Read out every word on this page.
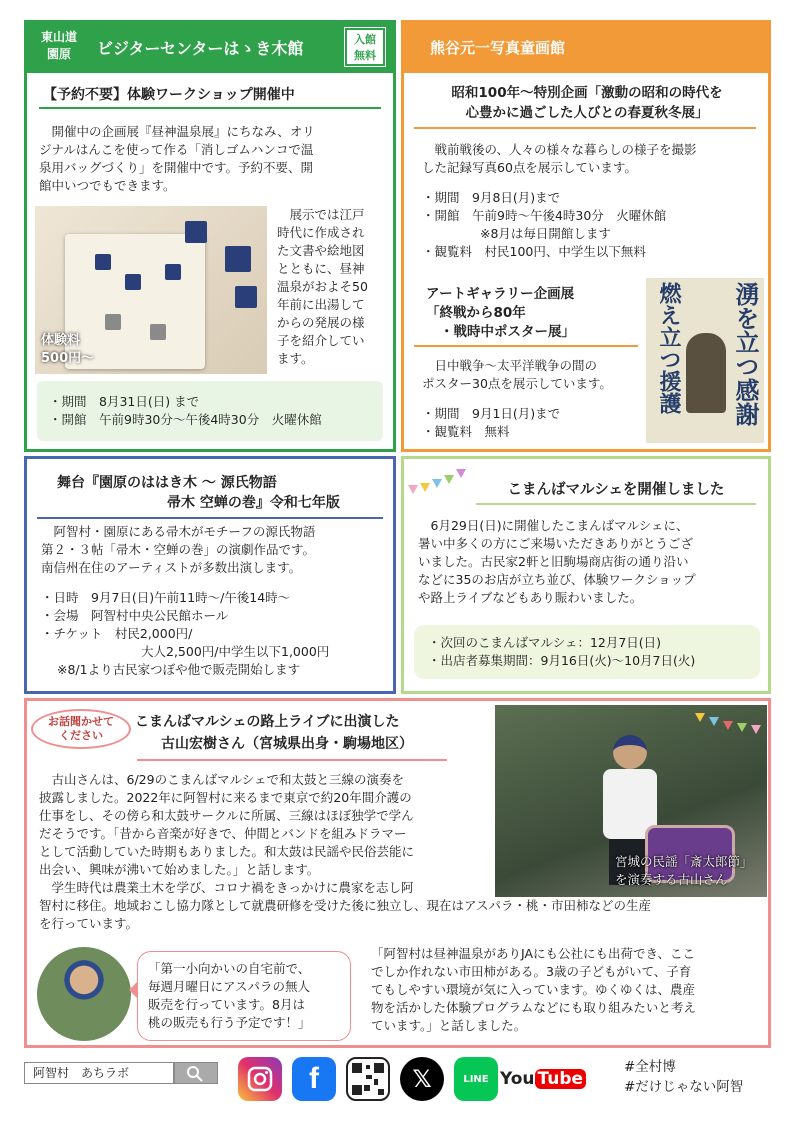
東山道
園原	ビジターセンターはゝき木館	入館
無料
【予約不要】体験ワークショップ開催中
開催中の企画展『昼神温泉展』にちなみ、オリ
ジナルはんこを使って作る「消しゴムハンコで温
泉用バッグづくり」を開催中です。予約不要、開
館中いつでもできます。
体験料
500円〜
展示では江戸
時代に作成され
た文書や絵地図
とともに、昼神
温泉がおよそ50
年前に出湯して
からの発展の様
子を紹介してい
ます。
・期間　8月31日(日) まで
・開館　午前9時30分〜午後4時30分　火曜休館
熊谷元一写真童画館
昭和100年〜特別企画「激動の昭和の時代を
心豊かに過ごした人びとの春夏秋冬展」
戦前戦後の、人々の様々な暮らしの様子を撮影
した記録写真60点を展示しています。
・期間　9月8日(月)まで
・開館　午前9時〜午後4時30分　火曜休館
※8月は毎日開館します
・観覧料　村民100円、中学生以下無料
アートギャラリー企画展
「終戦から80年
・戦時中ポスター展」
日中戦争〜太平洋戦争の間の
ポスター30点を展示しています。
・期間　9月1日(月)まで
・観覧料　無料
湧を立つ感謝
燃え立つ援護
舞台『園原のははき木 〜 源氏物語
帚木 空蝉の巻』令和七年版
阿智村・園原にある帚木がモチーフの源氏物語
第２・３帖「帚木・空蝉の巻」の演劇作品です。
南信州在住のアーティストが多数出演します。
・日時　9月7日(日)午前11時〜/午後14時〜
・会場　阿智村中央公民館ホール
・チケット　村民2,000円/
大人2,500円/中学生以下1,000円
※8/1より古民家つぼや他で販売開始します
こまんばマルシェを開催しました
6月29日(日)に開催したこまんばマルシェに、
暑い中多くの方にご来場いただきありがとうござ
いました。古民家2軒と旧駒場商店街の通り沿い
などに35のお店が立ち並び、体験ワークショップ
や路上ライブなどもあり賑わいました。
・次回のこまんばマルシェ：12月7日(日)
・出店者募集期間：9月16日(火)〜10月7日(火)
お話聞かせて
ください
こまんばマルシェの路上ライブに出演した
古山宏樹さん（宮城県出身・駒場地区）
古山さんは、6/29のこまんばマルシェで和太鼓と三線の演奏を
披露しました。2022年に阿智村に来るまで東京で約20年間介護の
仕事をし、その傍ら和太鼓サークルに所属、三線はほぼ独学で学ん
だそうです。「昔から音楽が好きで、仲間とバンドを組みドラマー
として活動していた時期もありました。和太鼓は民謡や民俗芸能に
出会い、興味が沸いて始めました。」と話します。
学生時代は農業土木を学び、コロナ禍をきっかけに農家を志し阿
智村に移住。地域おこし協力隊として就農研修を受けた後に独立し、現在はアスパラ・桃・市田柿などの生産
を行っています。
宮城の民謡「斎太郎節」
を演奏する古山さん
「第一小向かいの自宅前で、
毎週月曜日にアスパラの無人
販売を行っています。8月は
桃の販売も行う予定です！」
「阿智村は昼神温泉がありJAにも公社にも出荷でき、ここ
でしか作れない市田柿がある。3歳の子どもがいて、子育
てもしやすい環境が気に入っています。ゆくゆくは、農産
物を活かした体験プログラムなどにも取り組みたいと考え
ています。」と話しました。
阿智村　あちラボ	f	𝕏	LINE You Tube
#全村博
#だけじゃない阿智
